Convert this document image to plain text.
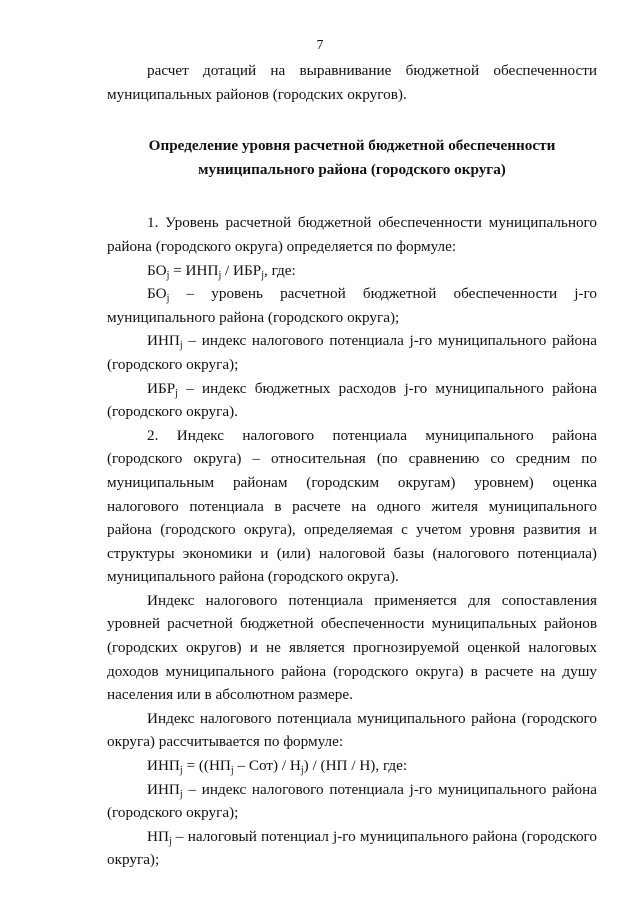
7

расчет дотаций на выравнивание бюджетной обеспеченности муниципальных районов (городских округов).

Определение уровня расчетной бюджетной обеспеченности
муниципального района (городского округа)

1. Уровень расчетной бюджетной обеспеченности муниципального района (городского округа) определяется по формуле:

$БО_j = ИНП_j / ИБР_j$, где:

$БО_j$ – уровень расчетной бюджетной обеспеченности j-го муниципального района (городского округа);

$ИНП_j$ – индекс налогового потенциала j-го муниципального района (городского округа);

$ИБР_j$ – индекс бюджетных расходов j-го муниципального района (городского округа).

2. Индекс налогового потенциала муниципального района (городского округа) – относительная (по сравнению со средним по муниципальным районам (городским округам) уровнем) оценка налогового потенциала в расчете на одного жителя муниципального района (городского округа), определяемая с учетом уровня развития и структуры экономики и (или) налоговой базы (налогового потенциала) муниципального района (городского округа).

Индекс налогового потенциала применяется для сопоставления уровней расчетной бюджетной обеспеченности муниципальных районов (городских округов) и не является прогнозируемой оценкой налоговых доходов муниципального района (городского округа) в расчете на душу населения или в абсолютном размере.

Индекс налогового потенциала муниципального района (городского округа) рассчитывается по формуле:

$ИНП_j = ((НП_j - Сот) / Н_j) / (НП / Н)$, где:

$ИНП_j$ – индекс налогового потенциала j-го муниципального района (городского округа);

$НП_j$ – налоговый потенциал j-го муниципального района (городского округа);
